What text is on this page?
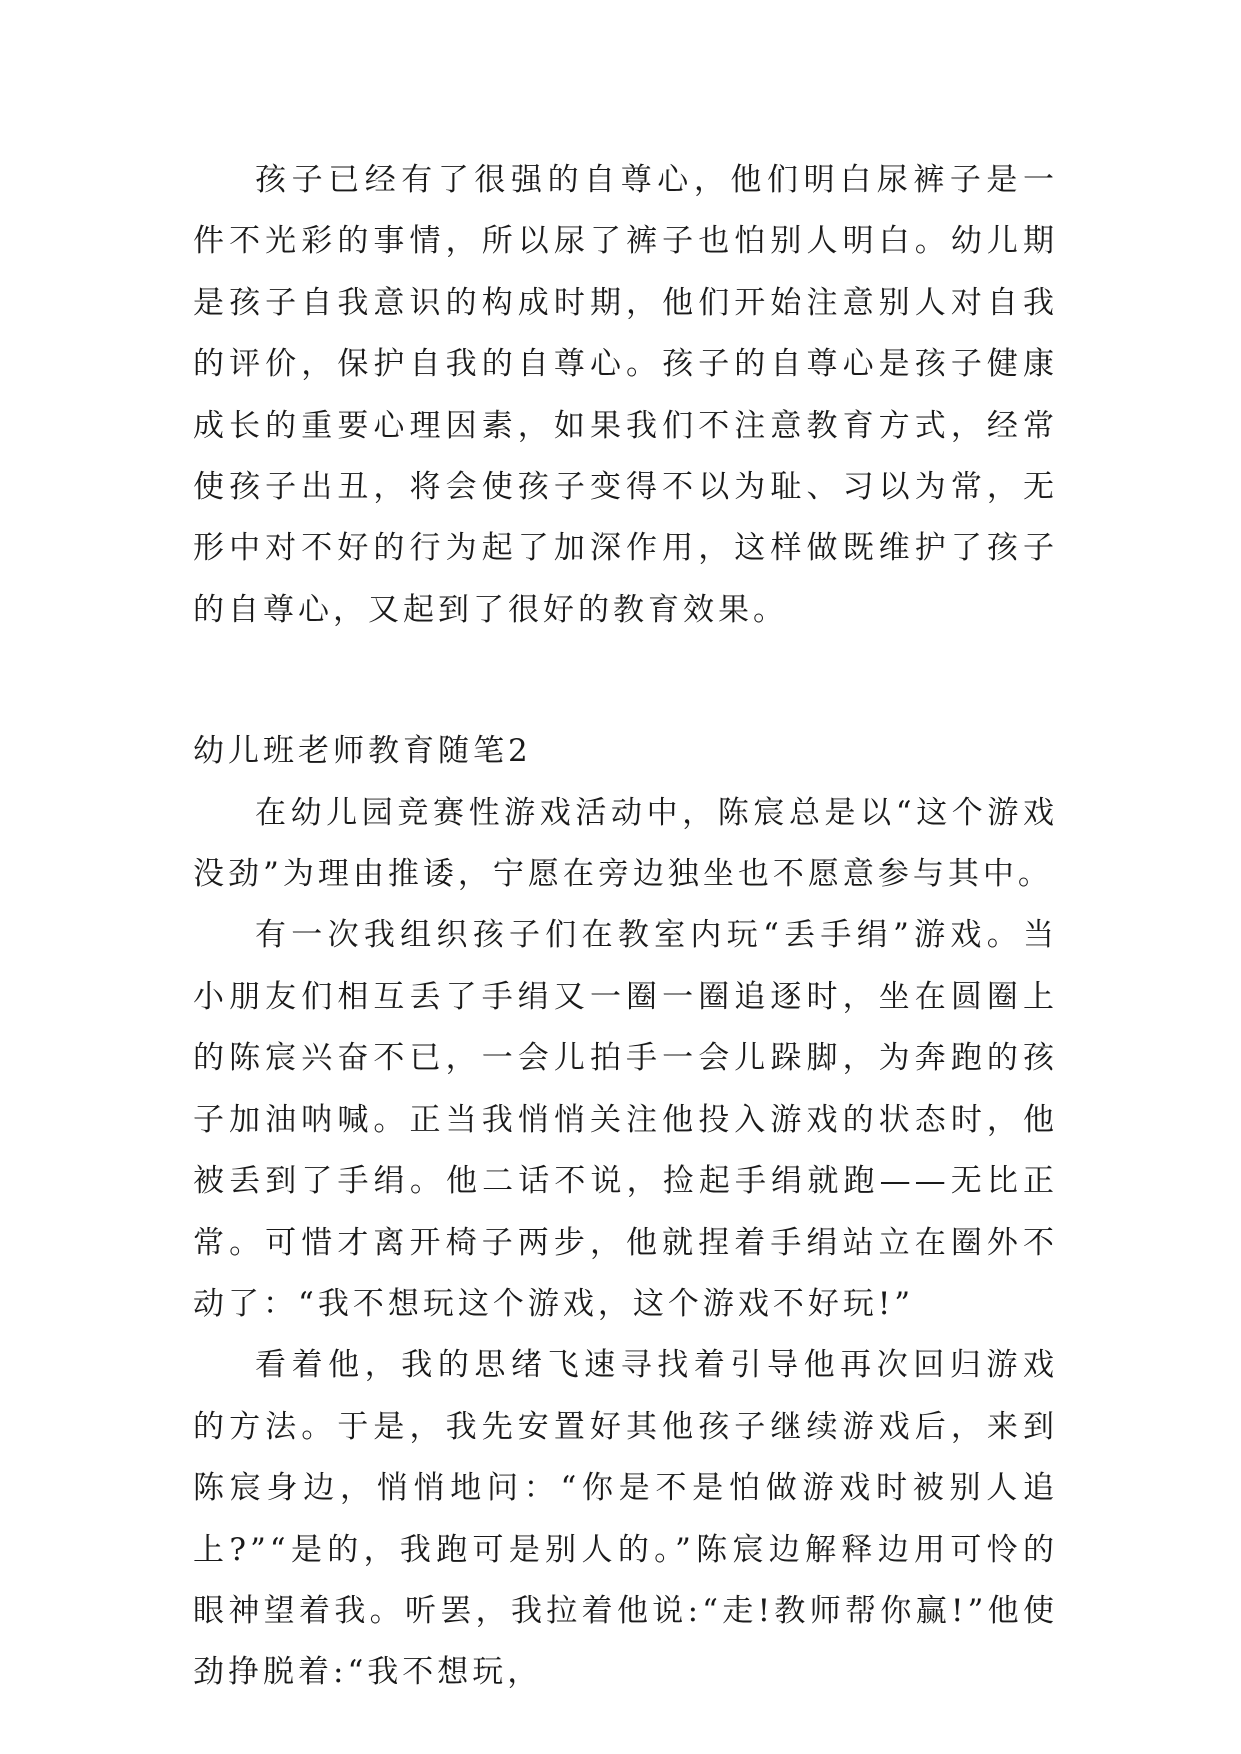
孩子已经有了很强的自尊心，他们明白尿裤子是一件不光彩的事情，所以尿了裤子也怕别人明白。幼儿期是孩子自我意识的构成时期，他们开始注意别人对自我的评价，保护自我的自尊心。孩子的自尊心是孩子健康成长的重要心理因素，如果我们不注意教育方式，经常使孩子出丑，将会使孩子变得不以为耻、习以为常，无形中对不好的行为起了加深作用，这样做既维护了孩子的自尊心，又起到了很好的教育效果。

幼儿班老师教育随笔2

在幼儿园竞赛性游戏活动中，陈宸总是以“这个游戏没劲”为理由推诿，宁愿在旁边独坐也不愿意参与其中。

有一次我组织孩子们在教室内玩“丢手绢”游戏。当小朋友们相互丢了手绢又一圈一圈追逐时，坐在圆圈上的陈宸兴奋不已，一会儿拍手一会儿跺脚，为奔跑的孩子加油呐喊。正当我悄悄关注他投入游戏的状态时，他被丢到了手绢。他二话不说，捡起手绢就跑——无比正常。可惜才离开椅子两步，他就捏着手绢站立在圈外不动了：“我不想玩这个游戏，这个游戏不好玩!”

看着他，我的思绪飞速寻找着引导他再次回归游戏的方法。于是，我先安置好其他孩子继续游戏后，来到陈宸身边，悄悄地问：“你是不是怕做游戏时被别人追上?”“是的，我跑可是别人的。”陈宸边解释边用可怜的眼神望着我。听罢，我拉着他说:“走!教师帮你赢!”他使劲挣脱着:“我不想玩，
